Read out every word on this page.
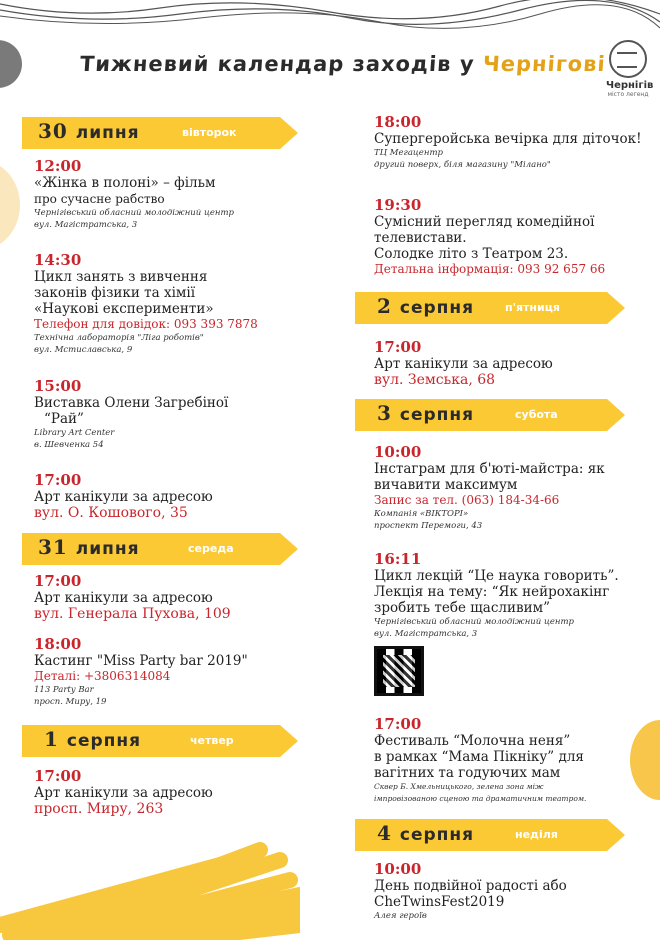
Тижневий календар заходів у Чернігові
Чернігів
місто легенд
30 липня	вівторок
12:00
«Жінка в полоні» – фільм
про сучасне рабство
Чернігівський обласний молодіжний центр
вул. Магістратська, 3
14:30
Цикл занять з вивчення
законів фізики та хімії
«Наукові експерименти»
Телефон для довідок: 093 393 7878
Технічна лабораторія "Ліга роботів"
вул. Мстиславська, 9
15:00
Виставка Олени Загребіної
“Рай”
Library Art Center
в. Шевченка 54
17:00
Арт канікули за адресою
вул. О. Кошового, 35
31 липня	середа
17:00
Арт канікули за адресою
вул. Генерала Пухова, 109
18:00
Кастинг "Miss Party bar 2019"
Деталі: +3806314084
113 Party Bar
просп. Миру, 19
1 серпня	четвер
17:00
Арт канікули за адресою
просп. Миру, 263
18:00
Супергеройська вечірка для діточок!
ТЦ Мегацентр
другий поверх, біля магазину "Мілано"
19:30
Сумісний перегляд комедійної
телевистави.
Солодке літо з Театром 23.
Детальна інформація: 093 92 657 66
2 серпня	п'ятниця
17:00
Арт канікули за адресою
вул. Земська, 68
3 серпня	субота
10:00
Інстаграм для б'юті-майстра: як
вичавити максимум
Запис за тел. (063) 184-34-66
Компанія «ВІКТОРІ»
проспект Перемоги, 43
16:11
Цикл лекцій “Це наука говорить”.
Лекція на тему: “Як нейрохакінг
зробить тебе щасливим”
Чернігівський обласний молодіжний центр
вул. Магістратська, 3
17:00
Фестиваль “Молочна неня”
в рамках “Мама Пікніку” для
вагітних та годуючих мам
Сквер Б. Хмельницького, зелена зона між
імпровізованою сценою та драматичним театром.
4 серпня	неділя
10:00
День подвійної радості або
CheTwinsFest2019
Алея героїв
